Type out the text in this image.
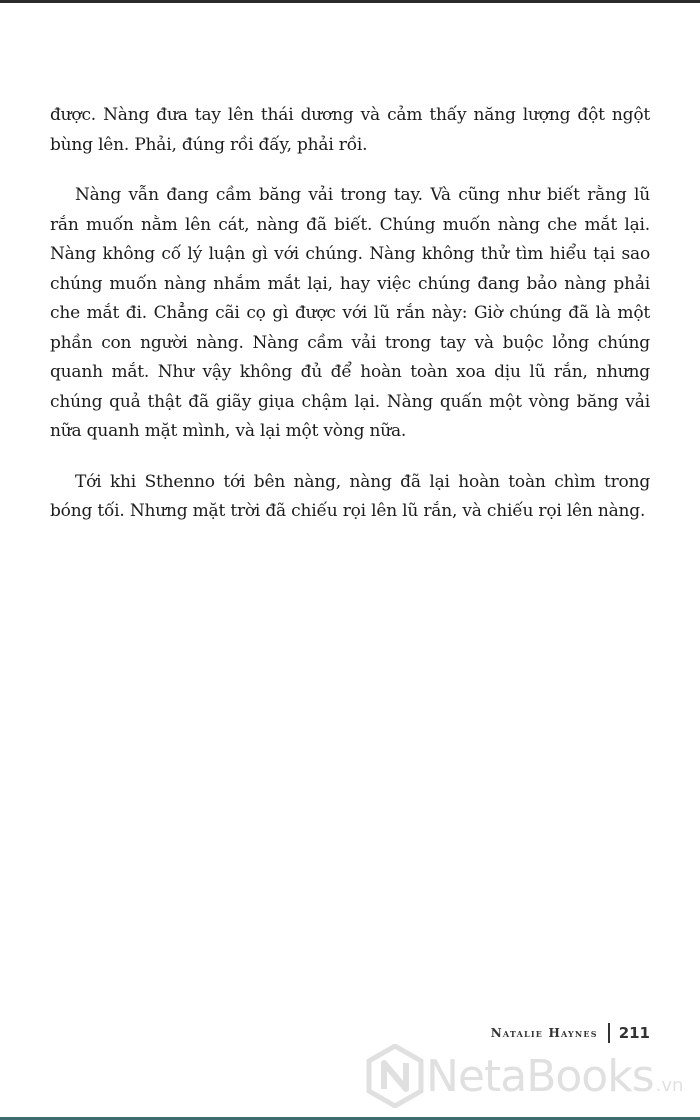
được. Nàng đưa tay lên thái dương và cảm thấy năng lượng đột ngột
bùng lên. Phải, đúng rồi đấy, phải rồi.

Nàng vẫn đang cầm băng vải trong tay. Và cũng như biết rằng lũ
rắn muốn nằm lên cát, nàng đã biết. Chúng muốn nàng che mắt lại.
Nàng không cố lý luận gì với chúng. Nàng không thử tìm hiểu tại sao
chúng muốn nàng nhắm mắt lại, hay việc chúng đang bảo nàng phải
che mắt đi. Chẳng cãi cọ gì được với lũ rắn này: Giờ chúng đã là một
phần con người nàng. Nàng cầm vải trong tay và buộc lỏng chúng
quanh mắt. Như vậy không đủ để hoàn toàn xoa dịu lũ rắn, nhưng
chúng quả thật đã giãy giụa chậm lại. Nàng quấn một vòng băng vải
nữa quanh mặt mình, và lại một vòng nữa.

Tới khi Sthenno tới bên nàng, nàng đã lại hoàn toàn chìm trong
bóng tối. Nhưng mặt trời đã chiếu rọi lên lũ rắn, và chiếu rọi lên nàng.

Natalie Haynes 211
NetaBooks .vn
